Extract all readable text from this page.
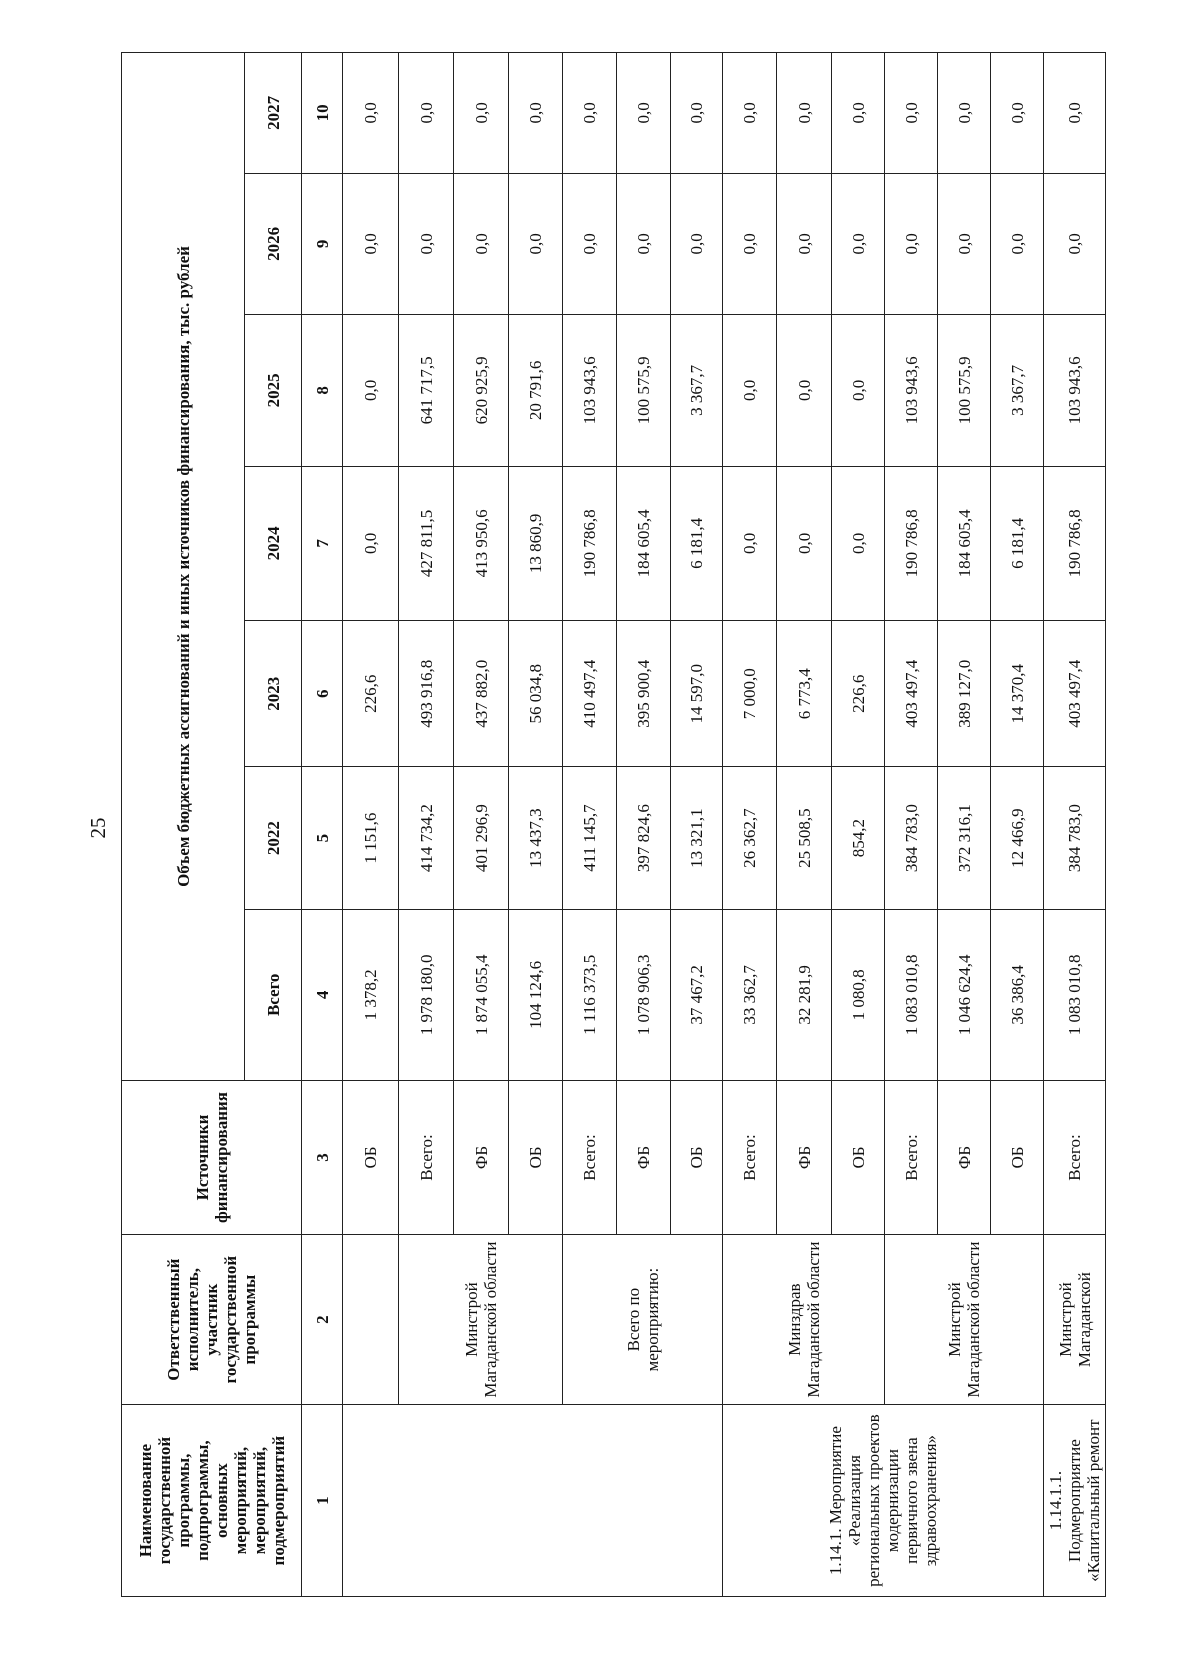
25
Наименование государственной программы, подпрограммы, основных мероприятий, мероприятий, подмероприятий	Ответственный исполнитель, участник государственной программы	Источники финансирования	Объем бюджетных ассигнований и иных источников финансирования, тыс. рублей						
			Всего	2022	2023	2024	2025	2026	2027
1	2	3	4	5	6	7	8	9	10
		ОБ	1 378,2	1 151,6	226,6	0,0	0,0	0,0	0,0
	Минстрой Магаданской области	Всего:	1 978 180,0	414 734,2	493 916,8	427 811,5	641 717,5	0,0	0,0
		ФБ	1 874 055,4	401 296,9	437 882,0	413 950,6	620 925,9	0,0	0,0
		ОБ	104 124,6	13 437,3	56 034,8	13 860,9	20 791,6	0,0	0,0
	Всего по мероприятию:	Всего:	1 116 373,5	411 145,7	410 497,4	190 786,8	103 943,6	0,0	0,0
		ФБ	1 078 906,3	397 824,6	395 900,4	184 605,4	100 575,9	0,0	0,0
		ОБ	37 467,2	13 321,1	14 597,0	6 181,4	3 367,7	0,0	0,0
1.14.1. Мероприятие «Реализация региональных проектов модернизации первичного звена здравоохранения»	Минздрав Магаданской области	Всего:	33 362,7	26 362,7	7 000,0	0,0	0,0	0,0	0,0
		ФБ	32 281,9	25 508,5	6 773,4	0,0	0,0	0,0	0,0
		ОБ	1 080,8	854,2	226,6	0,0	0,0	0,0	0,0
	Минстрой Магаданской области	Всего:	1 083 010,8	384 783,0	403 497,4	190 786,8	103 943,6	0,0	0,0
		ФБ	1 046 624,4	372 316,1	389 127,0	184 605,4	100 575,9	0,0	0,0
		ОБ	36 386,4	12 466,9	14 370,4	6 181,4	3 367,7	0,0	0,0
1.14.1.1. Подмероприятие «Капитальный ремонт	Минстрой Магаданской	Всего:	1 083 010,8	384 783,0	403 497,4	190 786,8	103 943,6	0,0	0,0
